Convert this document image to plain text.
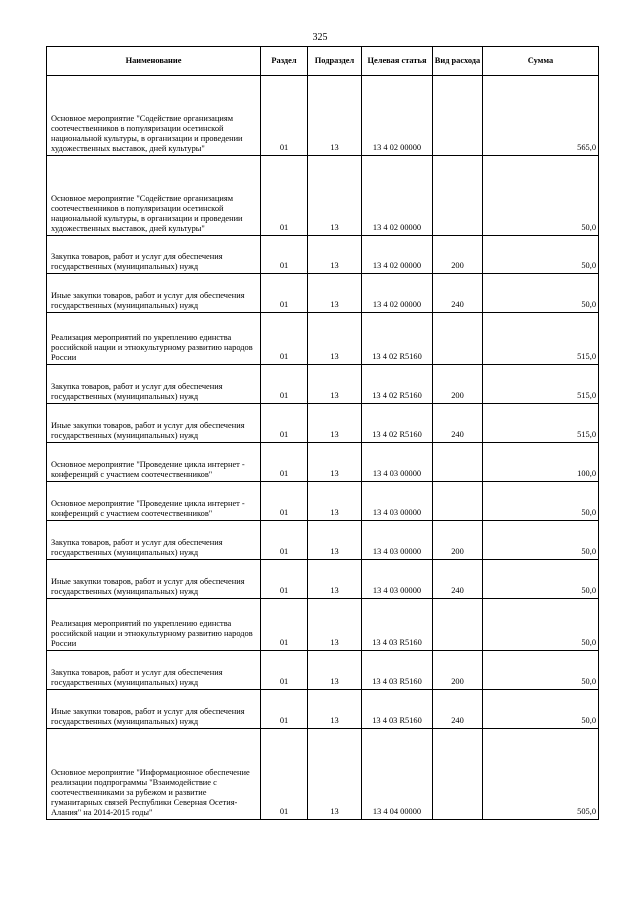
325
Наименование	Раздел	Подраздел	Целевая статья	Вид расхода	Сумма
Основное мероприятие "Содействие организациям соотечественников в популяризации осетинской национальной культуры, в организации и проведении художественных выставок, дней культуры"	01	13	13 4 02 00000		565,0
Основное мероприятие "Содействие организациям соотечественников в популяризации осетинской национальной культуры, в организации и проведении художественных выставок, дней культуры"	01	13	13 4 02 00000		50,0
Закупка товаров, работ и услуг для обеспечения государственных (муниципальных) нужд	01	13	13 4 02 00000	200	50,0
Иные закупки товаров, работ и услуг для обеспечения государственных (муниципальных) нужд	01	13	13 4 02 00000	240	50,0
Реализация мероприятий по укреплению единства российской нации и этнокультурному развитию народов России	01	13	13 4 02 R5160		515,0
Закупка товаров, работ и услуг для обеспечения государственных (муниципальных) нужд	01	13	13 4 02 R5160	200	515,0
Иные закупки товаров, работ и услуг для обеспечения государственных (муниципальных) нужд	01	13	13 4 02 R5160	240	515,0
Основное мероприятие "Проведение цикла интернет - конференций с участием соотечественников"	01	13	13 4 03 00000		100,0
Основное мероприятие "Проведение цикла интернет - конференций с участием соотечественников"	01	13	13 4 03 00000		50,0
Закупка товаров, работ и услуг для обеспечения государственных (муниципальных) нужд	01	13	13 4 03 00000	200	50,0
Иные закупки товаров, работ и услуг для обеспечения государственных (муниципальных) нужд	01	13	13 4 03 00000	240	50,0
Реализация мероприятий по укреплению единства российской нации и этнокультурному развитию народов России	01	13	13 4 03 R5160		50,0
Закупка товаров, работ и услуг для обеспечения государственных (муниципальных) нужд	01	13	13 4 03 R5160	200	50,0
Иные закупки товаров, работ и услуг для обеспечения государственных (муниципальных) нужд	01	13	13 4 03 R5160	240	50,0
Основное мероприятие "Информационное обеспечение реализации подпрограммы "Взаимодействие с соотечественниками за рубежом и развитие гуманитарных связей Республики Северная Осетия-Алания" на 2014-2015 годы"	01	13	13 4 04 00000		505,0
